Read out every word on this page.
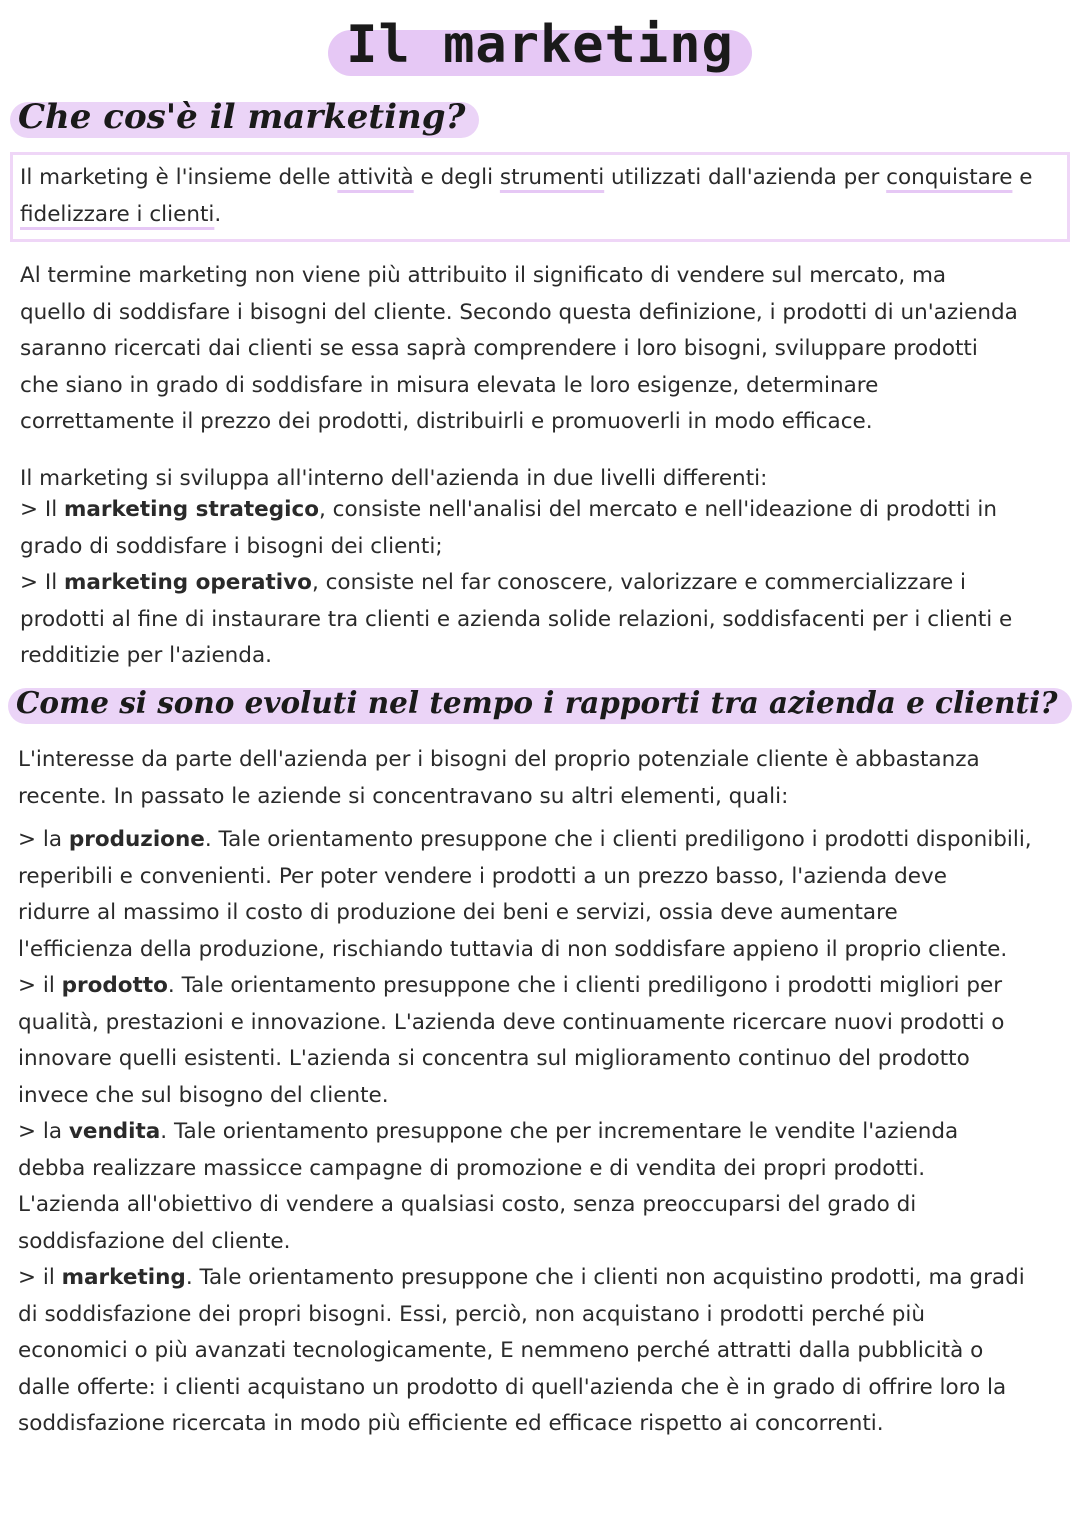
Il marketing
Che cos'è il marketing?
Il marketing è l'insieme delle attività e degli strumenti utilizzati dall'azienda per conquistare e
fidelizzare i clienti.
Al termine marketing non viene più attribuito il significato di vendere sul mercato, ma
quello di soddisfare i bisogni del cliente. Secondo questa definizione, i prodotti di un'azienda
saranno ricercati dai clienti se essa saprà comprendere i loro bisogni, sviluppare prodotti
che siano in grado di soddisfare in misura elevata le loro esigenze, determinare
correttamente il prezzo dei prodotti, distribuirli e promuoverli in modo efficace.
Il marketing si sviluppa all'interno dell'azienda in due livelli differenti:
> Il marketing strategico, consiste nell'analisi del mercato e nell'ideazione di prodotti in
grado di soddisfare i bisogni dei clienti;
> Il marketing operativo, consiste nel far conoscere, valorizzare e commercializzare i
prodotti al fine di instaurare tra clienti e azienda solide relazioni, soddisfacenti per i clienti e
redditizie per l'azienda.
Come si sono evoluti nel tempo i rapporti tra azienda e clienti?
L'interesse da parte dell'azienda per i bisogni del proprio potenziale cliente è abbastanza
recente. In passato le aziende si concentravano su altri elementi, quali:
> la produzione. Tale orientamento presuppone che i clienti prediligono i prodotti disponibili,
reperibili e convenienti. Per poter vendere i prodotti a un prezzo basso, l'azienda deve
ridurre al massimo il costo di produzione dei beni e servizi, ossia deve aumentare
l'efficienza della produzione, rischiando tuttavia di non soddisfare appieno il proprio cliente.
> il prodotto. Tale orientamento presuppone che i clienti prediligono i prodotti migliori per
qualità, prestazioni e innovazione. L'azienda deve continuamente ricercare nuovi prodotti o
innovare quelli esistenti. L'azienda si concentra sul miglioramento continuo del prodotto
invece che sul bisogno del cliente.
> la vendita. Tale orientamento presuppone che per incrementare le vendite l'azienda
debba realizzare massicce campagne di promozione e di vendita dei propri prodotti.
L'azienda all'obiettivo di vendere a qualsiasi costo, senza preoccuparsi del grado di
soddisfazione del cliente.
> il marketing. Tale orientamento presuppone che i clienti non acquistino prodotti, ma gradi
di soddisfazione dei propri bisogni. Essi, perciò, non acquistano i prodotti perché più
economici o più avanzati tecnologicamente, E nemmeno perché attratti dalla pubblicità o
dalle offerte: i clienti acquistano un prodotto di quell'azienda che è in grado di offrire loro la
soddisfazione ricercata in modo più efficiente ed efficace rispetto ai concorrenti.
